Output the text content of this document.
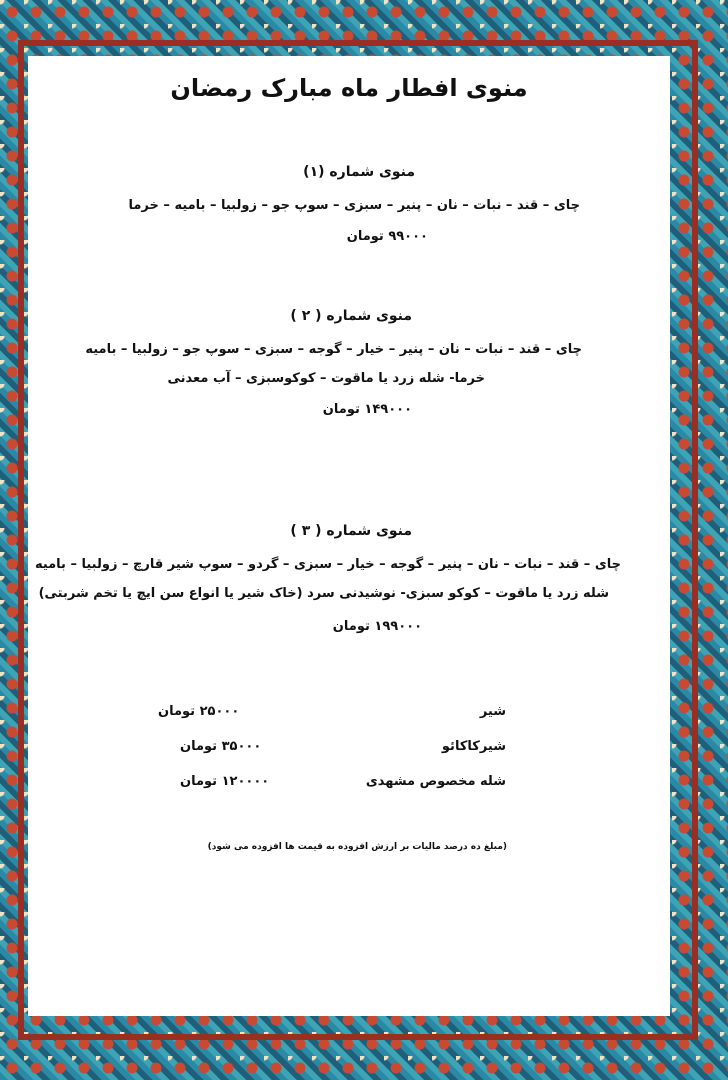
منوی افطار ماه مبارک رمضان
منوی شماره (۱)
چای – قند – نبات – نان – پنیر – سبزی – سوپ جو – زولبیا – بامیه – خرما
۹۹۰۰۰ تومان
منوی شماره ( ۲ )
چای – قند – نبات – نان – پنیر – خیار – گوجه – سبزی – سوپ جو – زولبیا – بامیه
خرما- شله زرد یا ماقوت – کوکوسبزی – آب معدنی
۱۴۹۰۰۰ تومان
منوی شماره ( ۳ )
چای – قند – نبات – نان – پنیر – گوجه – خیار – سبزی – گردو – سوپ شیر قارچ – زولبیا – بامیه
شله زرد یا ماقوت – کوکو سبزی- نوشیدنی سرد (خاک شیر یا انواع سن ایچ یا تخم شربتی)
۱۹۹۰۰۰ تومان
شیر
۲۵۰۰۰ تومان
شیرکاکائو
۳۵۰۰۰ تومان
شله مخصوص مشهدی
۱۲۰۰۰۰ تومان
(مبلغ ده درصد مالیات بر ارزش افزوده به قیمت ها افزوده می شود)
